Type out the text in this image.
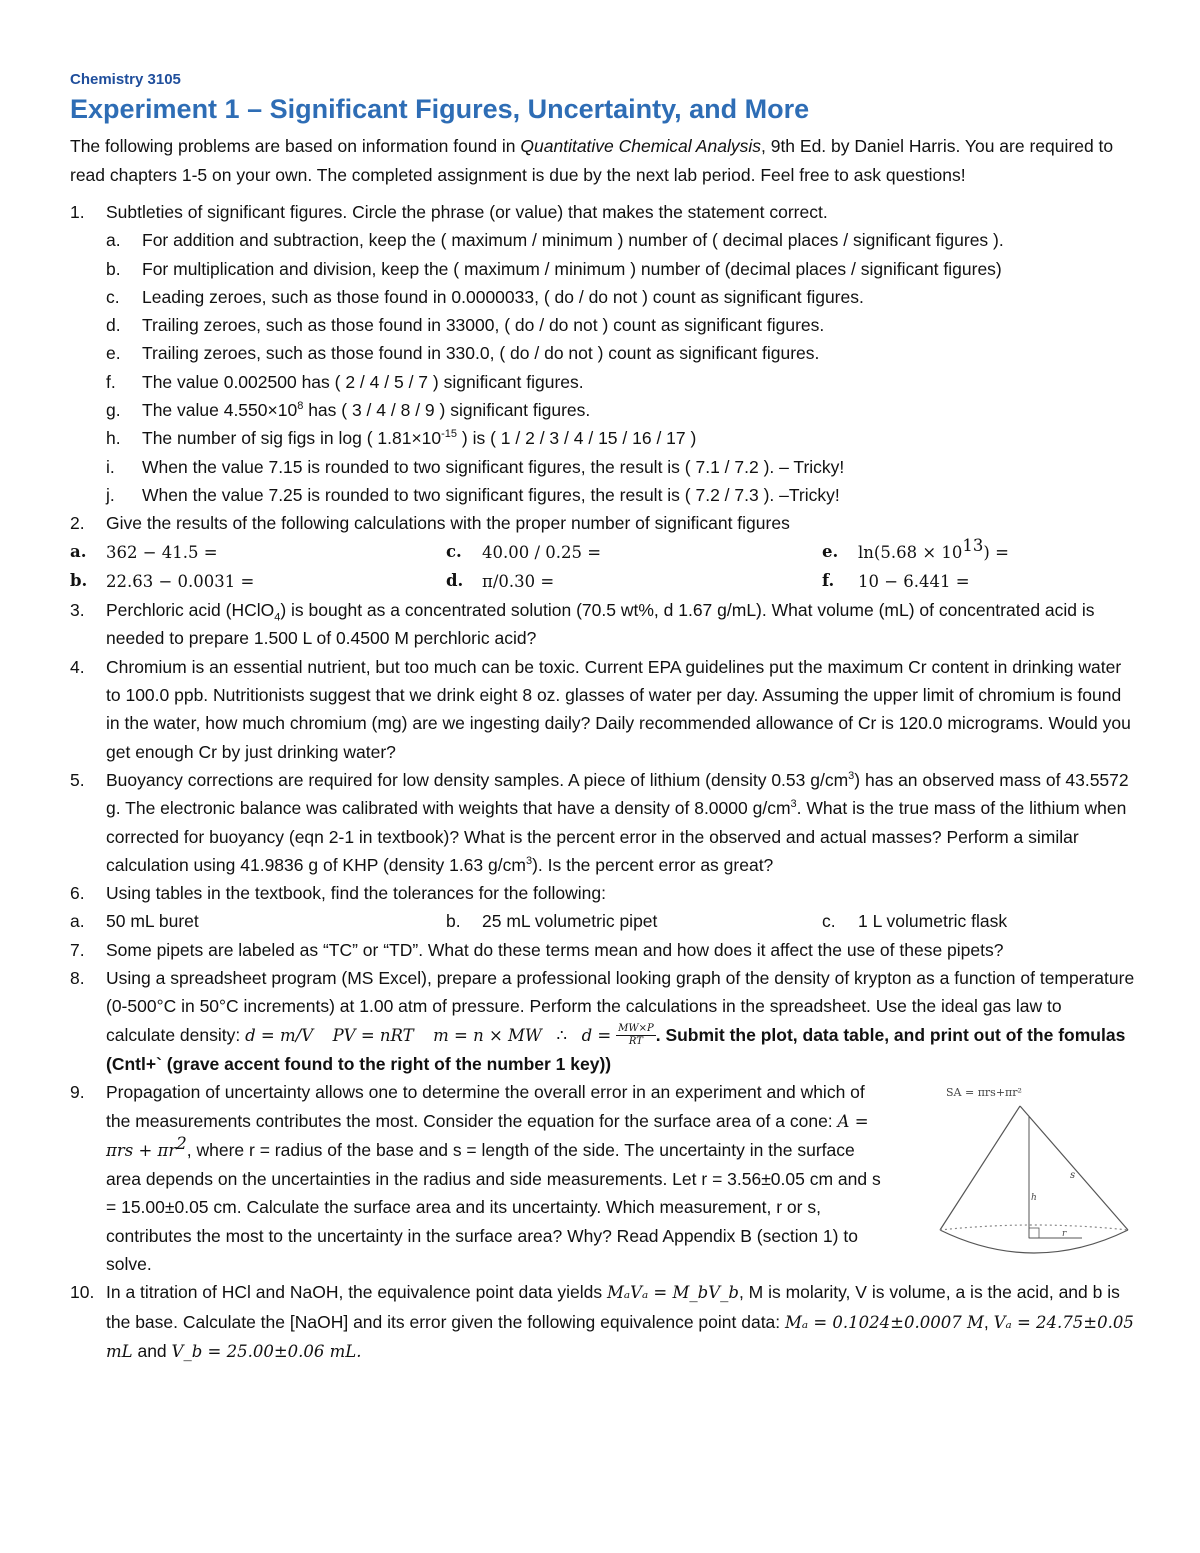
Chemistry 3105

Experiment 1 – Significant Figures, Uncertainty, and More

The following problems are based on information found in Quantitative Chemical Analysis, 9th Ed. by Daniel Harris. You are required to read chapters 1-5 on your own. The completed assignment is due by the next lab period. Feel free to ask questions!

1.	Subtleties of significant figures. Circle the phrase (or value) that makes the statement correct.
a. For addition and subtraction, keep the ( maximum / minimum ) number of ( decimal places / significant figures ).
b. For multiplication and division, keep the ( maximum / minimum ) number of (decimal places / significant figures)
c. Leading zeroes, such as those found in 0.0000033, ( do / do not ) count as significant figures.
d. Trailing zeroes, such as those found in 33000, ( do / do not ) count as significant figures.
e. Trailing zeroes, such as those found in 330.0, ( do / do not ) count as significant figures.
f. The value 0.002500 has ( 2 / 4 / 5 / 7 ) significant figures.
g. The value $4.550\times 10^8$ has ( 3 / 4 / 8 / 9 ) significant figures.
h. The number of sig figs in log ( $1.81\times 10^{-15}$ ) is ( 1 / 2 / 3 / 4 / 15 / 16 / 17 )
i. When the value 7.15 is rounded to two significant figures, the result is ( 7.1 / 7.2 ). – Tricky!
j. When the value 7.25 is rounded to two significant figures, the result is ( 7.2 / 7.3 ). –Tricky!
2.	Give the results of the following calculations with the proper number of significant figures
a. 362 − 41.5 =	c. 40.00 / 0.25 =	e. $\ln(5.68 \times 10^{13})$ =
b. 22.63 − 0.0031 =	d. π/0.30 =	f. 10 − 6.441 =
3.	Perchloric acid (HClO$_4$) is bought as a concentrated solution (70.5 wt%, d 1.67 g/mL). What volume (mL) of concentrated acid is needed to prepare 1.500 L of 0.4500 M perchloric acid?
4.	Chromium is an essential nutrient, but too much can be toxic. Current EPA guidelines put the maximum Cr content in drinking water to 100.0 ppb. Nutritionists suggest that we drink eight 8 oz. glasses of water per day. Assuming the upper limit of chromium is found in the water, how much chromium (mg) are we ingesting daily? Daily recommended allowance of Cr is 120.0 micrograms. Would you get enough Cr by just drinking water?
5.	Buoyancy corrections are required for low density samples. A piece of lithium (density 0.53 $g/cm^3$) has an observed mass of 43.5572 g. The electronic balance was calibrated with weights that have a density of 8.0000 $g/cm^3$. What is the true mass of the lithium when corrected for buoyancy (eqn 2-1 in textbook)? What is the percent error in the observed and actual masses? Perform a similar calculation using 41.9836 g of KHP (density 1.63 $g/cm^3$). Is the percent error as great?
6.	Using tables in the textbook, find the tolerances for the following:
a. 50 mL buret	b. 25 mL volumetric pipet	c. 1 L volumetric flask
7.	Some pipets are labeled as “TC” or “TD”. What do these terms mean and how does it affect the use of these pipets?
8.	Using a spreadsheet program (MS Excel), prepare a professional looking graph of the density of krypton as a function of temperature (0-500°C in 50°C increments) at 1.00 atm of pressure. Perform the calculations in the spreadsheet. Use the ideal gas law to calculate density: d = m/V PV = nRT m = n × MW ∴ $d = \frac{MW\times P}{RT}$ . Submit the plot, data table, and print out of the fomulas (Cntl+` (grave accent found to the right of the number 1 key))
9.	Propagation of uncertainty allows one to determine the overall error in an experiment and which of the measurements contributes the most. Consider the equation for the surface area of a cone: $A = \pi rs + \pi r^2$, where r = radius of the base and s = length of the side. The uncertainty in the surface area depends on the uncertainties in the radius and side measurements. Let r = 3.56±0.05 cm and s = 15.00±0.05 cm. Calculate the surface area and its uncertainty. Which measurement, r or s, contributes the most to the uncertainty in the surface area? Why? Read Appendix B (section 1) to solve.
SA = πrs+πr²
s
h
r
10. In a titration of HCl and NaOH, the equivalence point data yields MₐVₐ = M_bV_b, M is molarity, V is volume, a is the acid, and b is the base. Calculate the [NaOH] and its error given the following equivalence point data: Mₐ = 0.1024±0.0007 M, Vₐ = 24.75±0.05 mL and V_b = 25.00±0.06 mL.
